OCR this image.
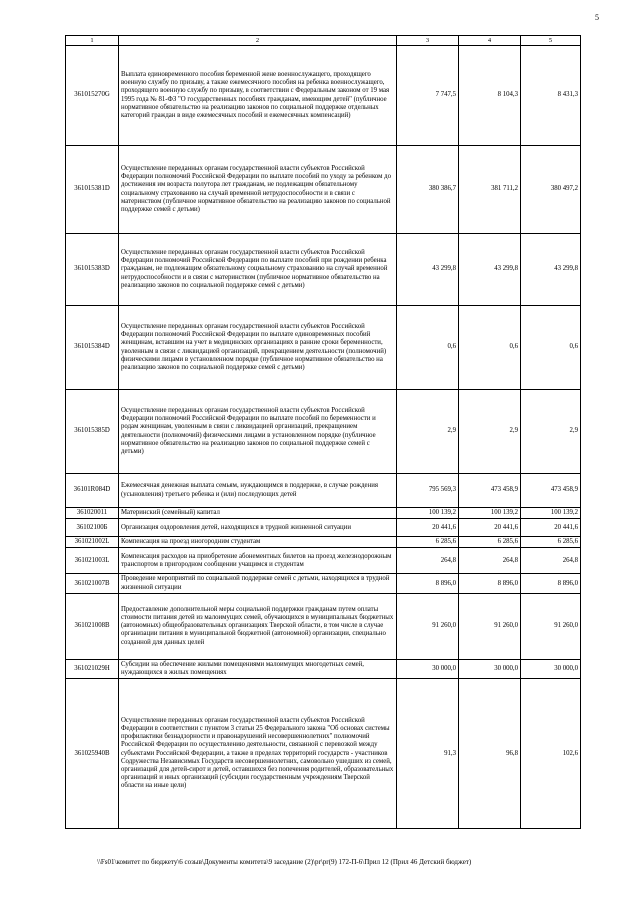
5
1	2	3	4	5
361015270G	Выплата единовременного пособия беременной жене военнослужащего, проходящего военную службу по призыву, а также ежемесячного пособия на ребенка военнослужащего, проходящего военную службу по призыву, в соответствии с Федеральным законом от 19 мая 1995 года № 81-ФЗ "О государственных пособиях гражданам, имеющим детей" (публичное нормативное обязательство на реализацию законов по социальной поддержке отдельных категорий граждан в виде ежемесячных пособий и ежемесячных компенсаций)	7 747,5	8 104,3	8 431,3
361015381D	Осуществление переданных органам государственной власти субъектов Российской Федерации полномочий Российской Федерации по выплате пособий по уходу за ребенком до достижения им возраста полутора лет гражданам, не подлежащим обязательному социальному страхованию на случай временной нетрудоспособности и в связи с материнством (публичное нормативное обязательство на реализацию законов по социальной поддержке семей с детьми)	380 386,7	381 711,2	380 497,2
361015383D	Осуществление переданных органам государственной власти субъектов Российской Федерации полномочий Российской Федерации по выплате пособий при рождении ребенка гражданам, не подлежащим обязательному социальному страхованию на случай временной нетрудоспособности и в связи с материнством (публичное нормативное обязательство на реализацию законов по социальной поддержке семей с детьми)	43 299,8	43 299,8	43 299,8
361015384D	Осуществление переданных органам государственной власти субъектов Российской Федерации полномочий Российской Федерации по выплате единовременных пособий женщинам, вставшим на учет в медицинских организациях в ранние сроки беременности, уволенным в связи с ликвидацией организаций, прекращением деятельности (полномочий) физическими лицами в установленном порядке (публичное нормативное обязательство на реализацию законов по социальной поддержке семей с детьми)	0,6	0,6	0,6
361015385D	Осуществление переданных органам государственной власти субъектов Российской Федерации полномочий Российской Федерации по выплате пособий по беременности и родам женщинам, уволенным в связи с ликвидацией организаций, прекращением деятельности (полномочий) физическими лицами в установленном порядке (публичное нормативное обязательство на реализацию законов по социальной поддержке семей с детьми)	2,9	2,9	2,9
36101R084D	Ежемесячная денежная выплата семьям, нуждающимся в поддержке, в случае рождения (усыновления) третьего ребенка и (или) последующих детей	795 569,3	473 458,9	473 458,9
361020011	Материнский (семейный) капитал	100 139,2	100 139,2	100 139,2
36102100Б	Организация оздоровления детей, находящихся в трудной жизненной ситуации	20 441,6	20 441,6	20 441,6
361021002L	Компенсация на проезд иногородним студентам	6 285,6	6 285,6	6 285,6
361021003L	Компенсация расходов на приобретение абонементных билетов на проезд железнодорожным транспортом в пригородном сообщении учащимся и студентам	264,8	264,8	264,8
361021007В	Проведение мероприятий по социальной поддержке семей с детьми, находящихся в трудной жизненной ситуации	8 896,0	8 896,0	8 896,0
361021008В	Предоставление дополнительной меры социальной поддержки гражданам путем оплаты стоимости питания детей из малоимущих семей, обучающихся в муниципальных бюджетных (автономных) общеобразовательных организациях Тверской области, в том числе в случае организации питания в муниципальной бюджетной (автономной) организации, специально созданной для данных целей	91 260,0	91 260,0	91 260,0
361021029Н	Субсидии на обеспечение жилыми помещениями малоимущих многодетных семей, нуждающихся в жилых помещениях	30 000,0	30 000,0	30 000,0
361025940В	Осуществление переданных органам государственной власти субъектов Российской Федерации в соответствии с пунктом 3 статьи 25 Федерального закона "Об основах системы профилактики безнадзорности и правонарушений несовершеннолетних" полномочий Российской Федерации по осуществлению деятельности, связанной с перевозкой между субъектами Российской Федерации, а также в пределах территорий государств - участников Содружества Независимых Государств несовершеннолетних, самовольно ушедших из семей, организаций для детей-сирот и детей, оставшихся без попечения родителей, образовательных организаций и иных организаций (субсидии государственным учреждениям Тверской области на иные цели)	91,3	96,8	102,6
\\Fs01\комитет по бюджету\6 созыв\Документы комитета\9 заседание (2)\pr\pr(9) 172-П-6\Прил 12 (Прил 46 Детский бюджет)
